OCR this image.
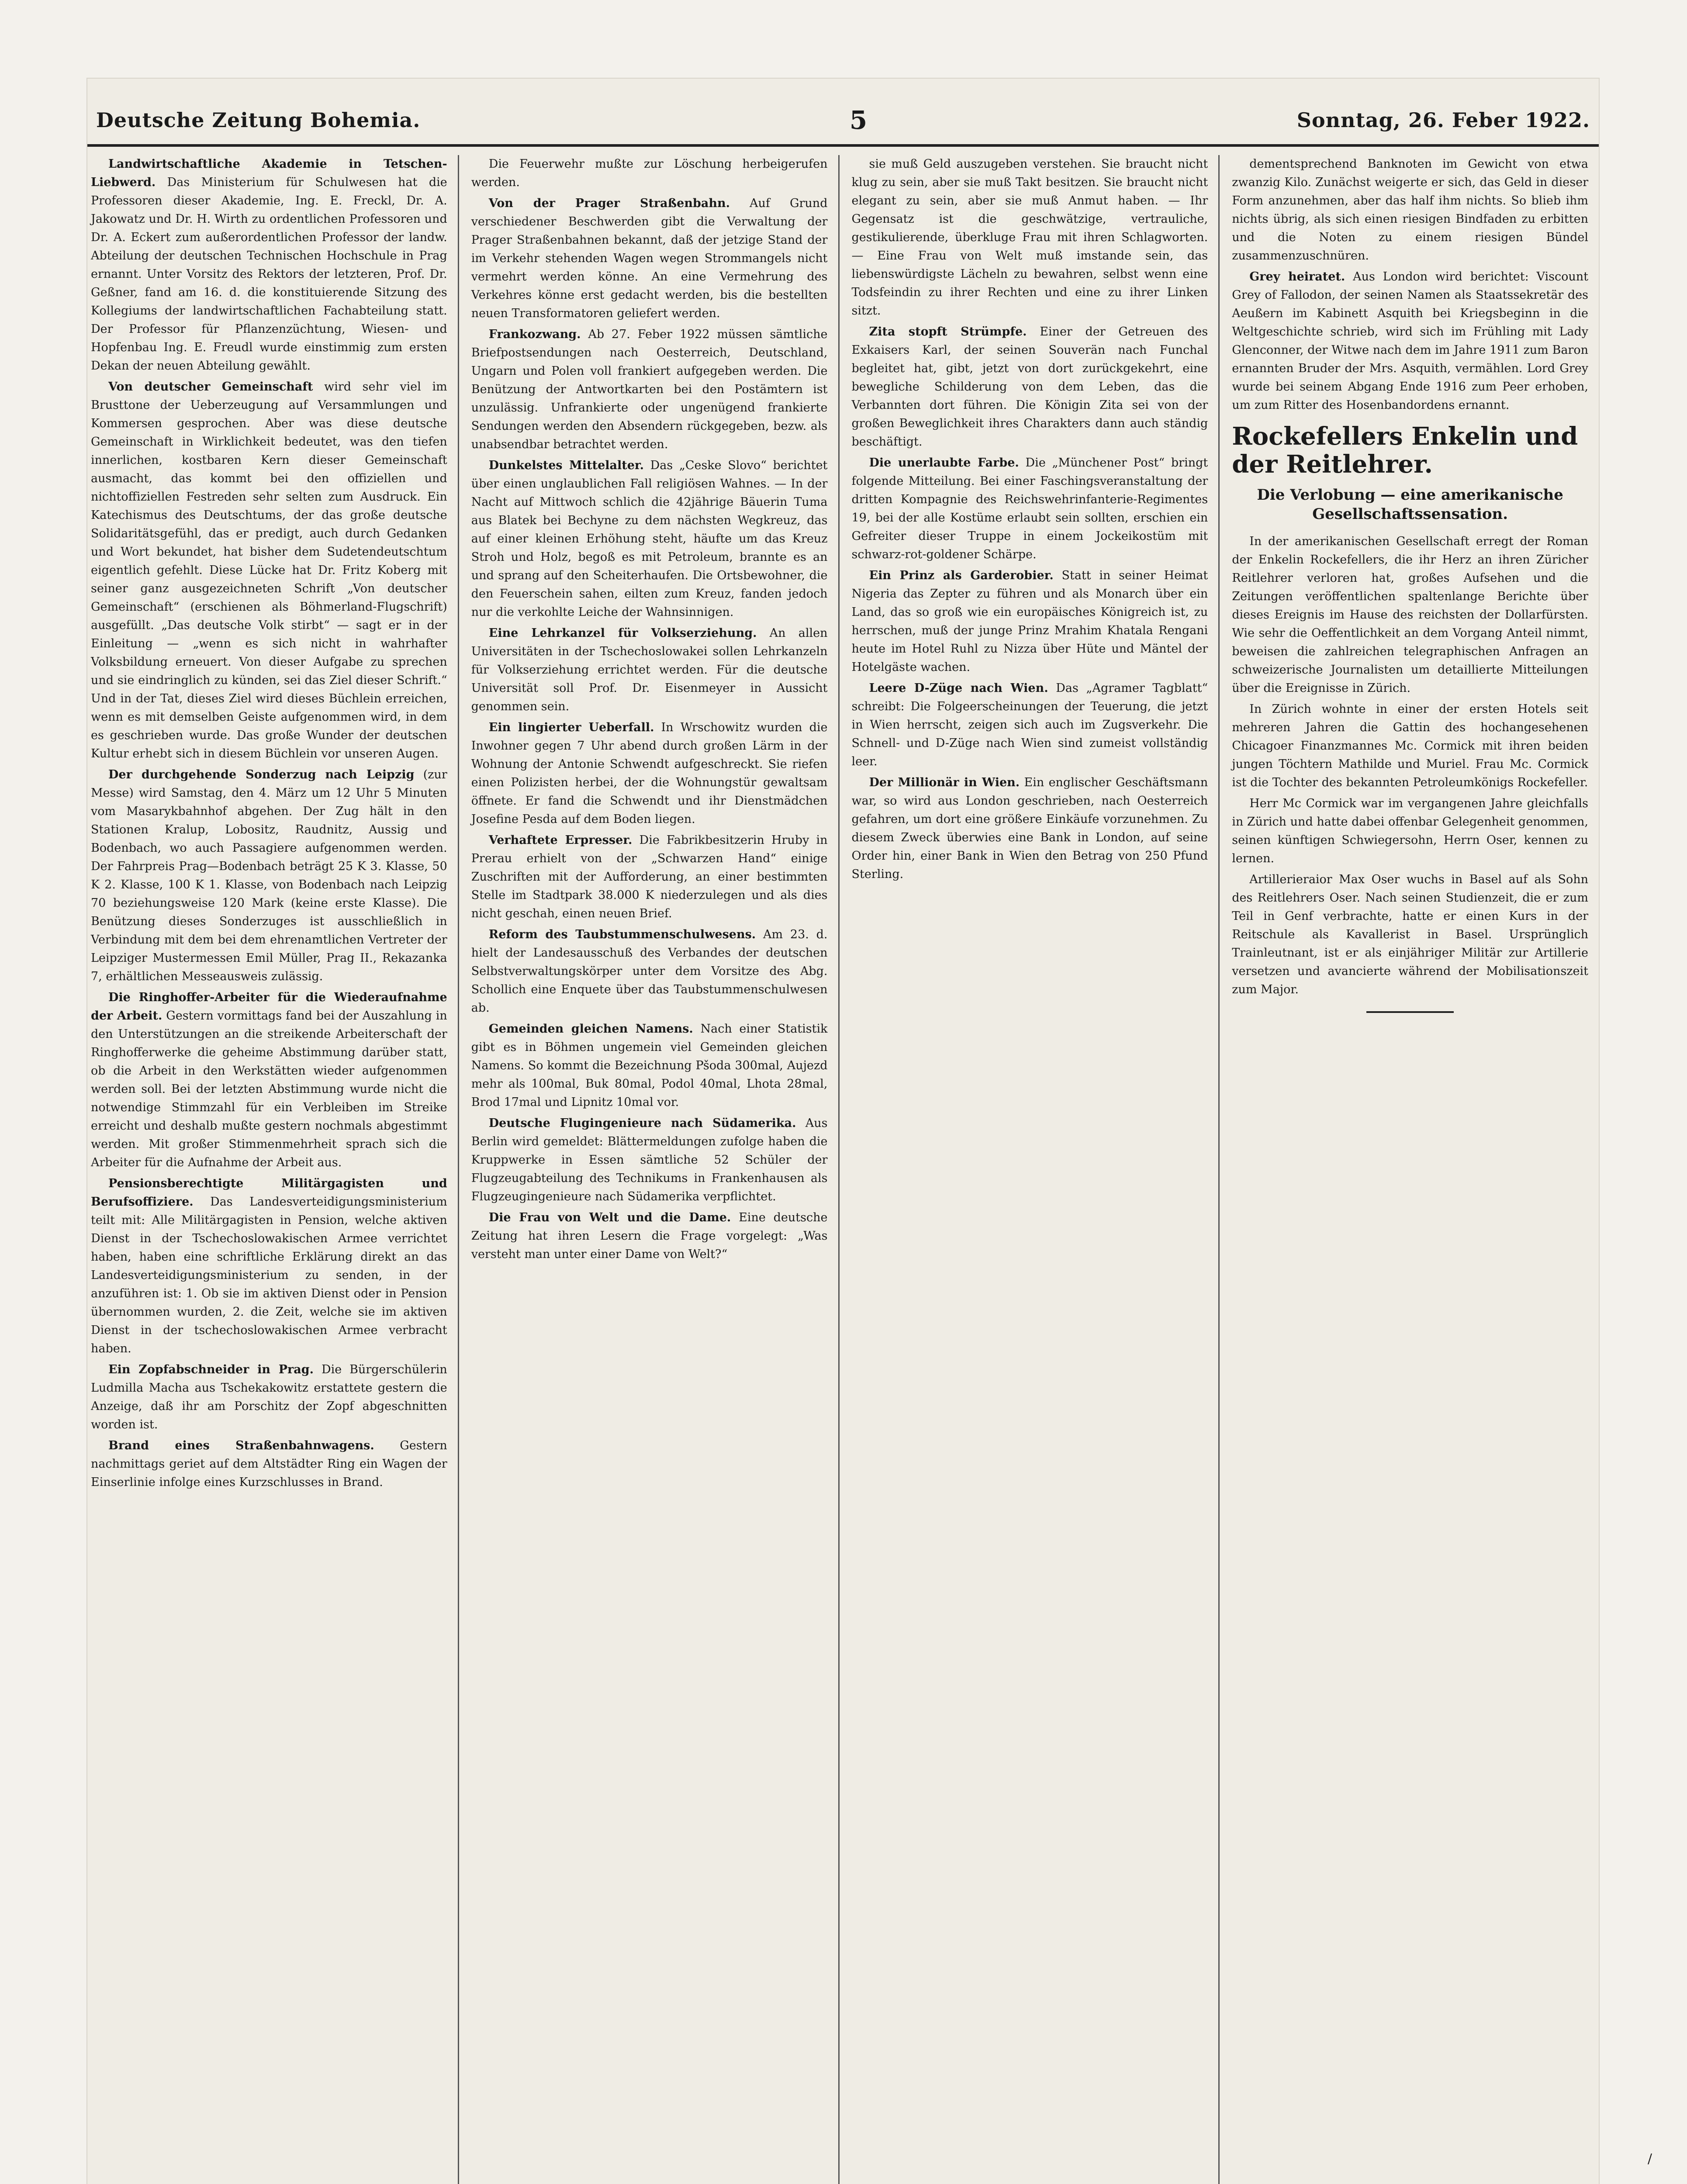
Deutsche Zeitung Bohemia.	5	Sonntag, 26. Feber 1922.

Landwirtschaftliche Akademie in Tetschen-Liebwerd. Das Ministerium für Schulwesen hat die Professoren dieser Akademie, Ing. E. Freckl, Dr. A. Jakowatz und Dr. H. Wirth zu ordentlichen Professoren und Dr. A. Eckert zum außerordentlichen Professor der landw. Abteilung der deutschen Technischen Hochschule in Prag ernannt. Unter Vorsitz des Rektors der letzteren, Prof. Dr. Geßner, fand am 16. d. die konstituierende Sitzung des Kollegiums der landwirtschaftlichen Fachabteilung statt. Der Professor für Pflanzenzüchtung, Wiesen- und Hopfenbau Ing. E. Freudl wurde einstimmig zum ersten Dekan der neuen Abteilung gewählt.

Von deutscher Gemeinschaft wird sehr viel im Brusttone der Ueberzeugung auf Versammlungen und Kommersen gesprochen. Aber was diese deutsche Gemeinschaft in Wirklichkeit bedeutet, was den tiefen innerlichen, kostbaren Kern dieser Gemeinschaft ausmacht, das kommt bei den offiziellen und nichtoffiziellen Festreden sehr selten zum Ausdruck. Ein Katechismus des Deutschtums, der das große deutsche Solidaritätsgefühl, das er predigt, auch durch Gedanken und Wort bekundet, hat bisher dem Sudetendeutschtum eigentlich gefehlt. Diese Lücke hat Dr. Fritz Koberg mit seiner ganz ausgezeichneten Schrift „Von deutscher Gemeinschaft“ (erschienen als Böhmerland-Flugschrift) ausgefüllt. „Das deutsche Volk stirbt“ — sagt er in der Einleitung — „wenn es sich nicht in wahrhafter Volksbildung erneuert. Von dieser Aufgabe zu sprechen und sie eindringlich zu künden, sei das Ziel dieser Schrift.“ Und in der Tat, dieses Ziel wird dieses Büchlein erreichen, wenn es mit demselben Geiste aufgenommen wird, in dem es geschrieben wurde. Das große Wunder der deutschen Kultur erhebt sich in diesem Büchlein vor unseren Augen.

Der durchgehende Sonderzug nach Leipzig (zur Messe) wird Samstag, den 4. März um 12 Uhr 5 Minuten vom Masarykbahnhof abgehen. Der Zug hält in den Stationen Kralup, Lobositz, Raudnitz, Aussig und Bodenbach, wo auch Passagiere aufgenommen werden. Der Fahrpreis Prag—Bodenbach beträgt 25 K 3. Klasse, 50 K 2. Klasse, 100 K 1. Klasse, von Bodenbach nach Leipzig 70 beziehungsweise 120 Mark (keine erste Klasse). Die Benützung dieses Sonderzuges ist ausschließlich in Verbindung mit dem bei dem ehrenamtlichen Vertreter der Leipziger Mustermessen Emil Müller, Prag II., Rekazanka 7, erhältlichen Messeausweis zulässig.

Die Ringhoffer-Arbeiter für die Wiederaufnahme der Arbeit. Gestern vormittags fand bei der Auszahlung in den Unterstützungen an die streikende Arbeiterschaft der Ringhofferwerke die geheime Abstimmung darüber statt, ob die Arbeit in den Werkstätten wieder aufgenommen werden soll. Bei der letzten Abstimmung wurde nicht die notwendige Stimmzahl für ein Verbleiben im Streike erreicht und deshalb mußte gestern nochmals abgestimmt werden. Mit großer Stimmenmehrheit sprach sich die Arbeiter für die Aufnahme der Arbeit aus.

Pensionsberechtigte Militärgagisten und Berufsoffiziere. Das Landesverteidigungsministerium teilt mit: Alle Militärgagisten in Pension, welche aktiven Dienst in der Tschechoslowakischen Armee verrichtet haben, haben eine schriftliche Erklärung direkt an das Landesverteidigungsministerium zu senden, in der anzuführen ist: 1. Ob sie im aktiven Dienst oder in Pension übernommen wurden, 2. die Zeit, welche sie im aktiven Dienst in der tschechoslowakischen Armee verbracht haben.

Ein Zopfabschneider in Prag. Die Bürgerschülerin Ludmilla Macha aus Tschekakowitz erstattete gestern die Anzeige, daß ihr am Porschitz der Zopf abgeschnitten worden ist.

Brand eines Straßenbahnwagens. Gestern nachmittags geriet auf dem Altstädter Ring ein Wagen der Einserlinie infolge eines Kurzschlusses in Brand.

Die Feuerwehr mußte zur Löschung herbeigerufen werden.

Von der Prager Straßenbahn. Auf Grund verschiedener Beschwerden gibt die Verwaltung der Prager Straßenbahnen bekannt, daß der jetzige Stand der im Verkehr stehenden Wagen wegen Strommangels nicht vermehrt werden könne. An eine Vermehrung des Verkehres könne erst gedacht werden, bis die bestellten neuen Transformatoren geliefert werden.

Frankozwang. Ab 27. Feber 1922 müssen sämtliche Briefpostsendungen nach Oesterreich, Deutschland, Ungarn und Polen voll frankiert aufgegeben werden. Die Benützung der Antwortkarten bei den Postämtern ist unzulässig. Unfrankierte oder ungenügend frankierte Sendungen werden den Absendern rückgegeben, bezw. als unabsendbar betrachtet werden.

Dunkelstes Mittelalter. Das „Ceske Slovo“ berichtet über einen unglaublichen Fall religiösen Wahnes. — In der Nacht auf Mittwoch schlich die 42jährige Bäuerin Tuma aus Blatek bei Bechyne zu dem nächsten Wegkreuz, das auf einer kleinen Erhöhung steht, häufte um das Kreuz Stroh und Holz, begoß es mit Petroleum, brannte es an und sprang auf den Scheiterhaufen. Die Ortsbewohner, die den Feuerschein sahen, eilten zum Kreuz, fanden jedoch nur die verkohlte Leiche der Wahnsinnigen.

Eine Lehrkanzel für Volkserziehung. An allen Universitäten in der Tschechoslowakei sollen Lehrkanzeln für Volkserziehung errichtet werden. Für die deutsche Universität soll Prof. Dr. Eisenmeyer in Aussicht genommen sein.

Ein lingierter Ueberfall. In Wrschowitz wurden die Inwohner gegen 7 Uhr abend durch großen Lärm in der Wohnung der Antonie Schwendt aufgeschreckt. Sie riefen einen Polizisten herbei, der die Wohnungstür gewaltsam öffnete. Er fand die Schwendt und ihr Dienstmädchen Josefine Pesda auf dem Boden liegen.

Verhaftete Erpresser. Die Fabrikbesitzerin Hruby in Prerau erhielt von der „Schwarzen Hand“ einige Zuschriften mit der Aufforderung, an einer bestimmten Stelle im Stadtpark 38.000 K niederzulegen und als dies nicht geschah, einen neuen Brief.

Reform des Taubstummenschulwesens. Am 23. d. hielt der Landesausschuß des Verbandes der deutschen Selbstverwaltungskörper unter dem Vorsitze des Abg. Schollich eine Enquete über das Taubstummenschulwesen ab.

Gemeinden gleichen Namens. Nach einer Statistik gibt es in Böhmen ungemein viel Gemeinden gleichen Namens. So kommt die Bezeichnung Pšoda 300mal, Aujezd mehr als 100mal, Buk 80mal, Podol 40mal, Lhota 28mal, Brod 17mal und Lipnitz 10mal vor.

Deutsche Flugingenieure nach Südamerika. Aus Berlin wird gemeldet: Blättermeldungen zufolge haben die Kruppwerke in Essen sämtliche 52 Schüler der Flugzeugabteilung des Technikums in Frankenhausen als Flugzeugingenieure nach Südamerika verpflichtet.

Die Frau von Welt und die Dame. Eine deutsche Zeitung hat ihren Lesern die Frage vorgelegt: „Was versteht man unter einer Dame von Welt?“

sie muß Geld auszugeben verstehen. Sie braucht nicht klug zu sein, aber sie muß Takt besitzen. Sie braucht nicht elegant zu sein, aber sie muß Anmut haben. — Ihr Gegensatz ist die geschwätzige, vertrauliche, gestikulierende, überkluge Frau mit ihren Schlagworten. — Eine Frau von Welt muß imstande sein, das liebenswürdigste Lächeln zu bewahren, selbst wenn eine Todsfeindin zu ihrer Rechten und eine zu ihrer Linken sitzt.

Zita stopft Strümpfe. Einer der Getreuen des Exkaisers Karl, der seinen Souverän nach Funchal begleitet hat, gibt, jetzt von dort zurückgekehrt, eine bewegliche Schilderung von dem Leben, das die Verbannten dort führen. Die Königin Zita sei von der großen Beweglichkeit ihres Charakters dann auch ständig beschäftigt.

Die unerlaubte Farbe. Die „Münchener Post“ bringt folgende Mitteilung. Bei einer Faschingsveranstaltung der dritten Kompagnie des Reichswehrinfanterie-Regimentes 19, bei der alle Kostüme erlaubt sein sollten, erschien ein Gefreiter dieser Truppe in einem Jockeikostüm mit schwarz-rot-goldener Schärpe.

Ein Prinz als Garderobier. Statt in seiner Heimat Nigeria das Zepter zu führen und als Monarch über ein Land, das so groß wie ein europäisches Königreich ist, zu herrschen, muß der junge Prinz Mrahim Khatala Rengani heute im Hotel Ruhl zu Nizza über Hüte und Mäntel der Hotelgäste wachen.

Leere D-Züge nach Wien. Das „Agramer Tagblatt“ schreibt: Die Folgeerscheinungen der Teuerung, die jetzt in Wien herrscht, zeigen sich auch im Zugsverkehr. Die Schnell- und D-Züge nach Wien sind zumeist vollständig leer.

Der Millionär in Wien. Ein englischer Geschäftsmann war, so wird aus London geschrieben, nach Oesterreich gefahren, um dort eine größere Einkäufe vorzunehmen. Zu diesem Zweck überwies eine Bank in London, auf seine Order hin, einer Bank in Wien den Betrag von 250 Pfund Sterling.

dementsprechend Banknoten im Gewicht von etwa zwanzig Kilo. Zunächst weigerte er sich, das Geld in dieser Form anzunehmen, aber das half ihm nichts. So blieb ihm nichts übrig, als sich einen riesigen Bindfaden zu erbitten und die Noten zu einem riesigen Bündel zusammenzuschnüren.

Grey heiratet. Aus London wird berichtet: Viscount Grey of Fallodon, der seinen Namen als Staatssekretär des Aeußern im Kabinett Asquith bei Kriegsbeginn in die Weltgeschichte schrieb, wird sich im Frühling mit Lady Glenconner, der Witwe nach dem im Jahre 1911 zum Baron ernannten Bruder der Mrs. Asquith, vermählen. Lord Grey wurde bei seinem Abgang Ende 1916 zum Peer erhoben, um zum Ritter des Hosenbandordens ernannt.

Rockefellers Enkelin und der Reitlehrer.
Die Verlobung — eine amerikanische Gesellschaftssensation.

In der amerikanischen Gesellschaft erregt der Roman der Enkelin Rockefellers, die ihr Herz an ihren Züricher Reitlehrer verloren hat, großes Aufsehen und die Zeitungen veröffentlichen spaltenlange Berichte über dieses Ereignis im Hause des reichsten der Dollarfürsten. Wie sehr die Oeffentlichkeit an dem Vorgang Anteil nimmt, beweisen die zahlreichen telegraphischen Anfragen an schweizerische Journalisten um detaillierte Mitteilungen über die Ereignisse in Zürich.

In Zürich wohnte in einer der ersten Hotels seit mehreren Jahren die Gattin des hochangesehenen Chicagoer Finanzmannes Mc. Cormick mit ihren beiden jungen Töchtern Mathilde und Muriel. Frau Mc. Cormick ist die Tochter des bekannten Petroleumkönigs Rockefeller.

Herr Mc Cormick war im vergangenen Jahre gleichfalls in Zürich und hatte dabei offenbar Gelegenheit genommen, seinen künftigen Schwiegersohn, Herrn Oser, kennen zu lernen.

Artillerieraior Max Oser wuchs in Basel auf als Sohn des Reitlehrers Oser. Nach seinen Studienzeit, die er zum Teil in Genf verbrachte, hatte er einen Kurs in der Reitschule als Kavallerist in Basel. Ursprünglich Trainleutnant, ist er als einjähriger Militär zur Artillerie versetzen und avancierte während der Mobilisationszeit zum Major.

/
